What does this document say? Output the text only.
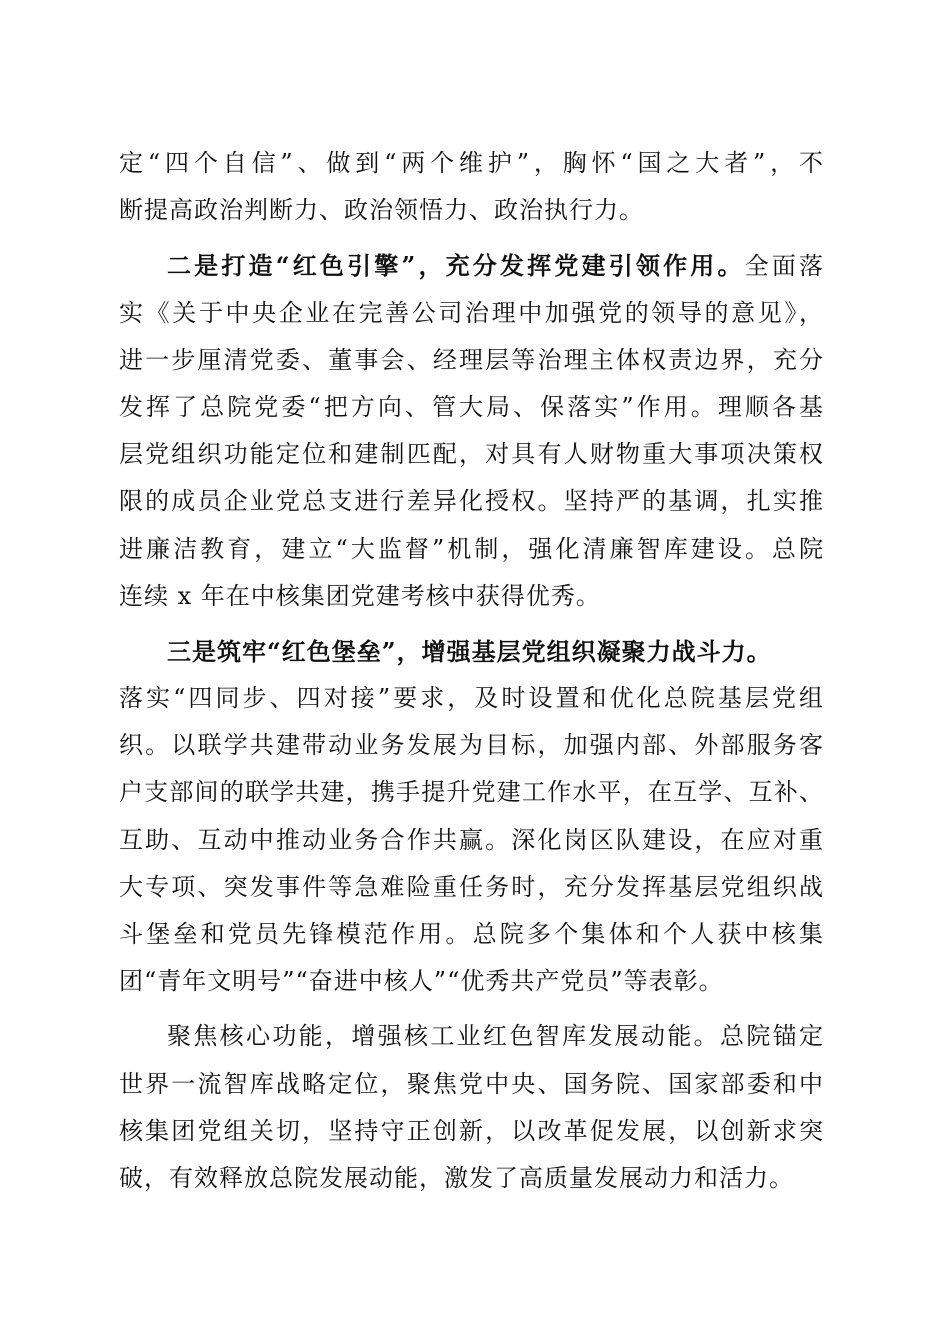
定“四个自信”、做到“两个维护”，胸怀“国之大者”，不
断提高政治判断力、政治领悟力、政治执行力。
二是打造“红色引擎”，充分发挥党建引领作用。全面落
实《关于中央企业在完善公司治理中加强党的领导的意见》，
进一步厘清党委、董事会、经理层等治理主体权责边界，充分
发挥了总院党委“把方向、管大局、保落实”作用。理顺各基
层党组织功能定位和建制匹配，对具有人财物重大事项决策权
限的成员企业党总支进行差异化授权。坚持严的基调，扎实推
进廉洁教育，建立“大监督”机制，强化清廉智库建设。总院
连续 x 年在中核集团党建考核中获得优秀。
三是筑牢“红色堡垒”，增强基层党组织凝聚力战斗力。
落实“四同步、四对接”要求，及时设置和优化总院基层党组
织。以联学共建带动业务发展为目标，加强内部、外部服务客
户支部间的联学共建，携手提升党建工作水平，在互学、互补、
互助、互动中推动业务合作共赢。深化岗区队建设，在应对重
大专项、突发事件等急难险重任务时，充分发挥基层党组织战
斗堡垒和党员先锋模范作用。总院多个集体和个人获中核集
团“青年文明号”“奋进中核人”“优秀共产党员”等表彰。
聚焦核心功能，增强核工业红色智库发展动能。总院锚定
世界一流智库战略定位，聚焦党中央、国务院、国家部委和中
核集团党组关切，坚持守正创新，以改革促发展，以创新求突
破，有效释放总院发展动能，激发了高质量发展动力和活力。
